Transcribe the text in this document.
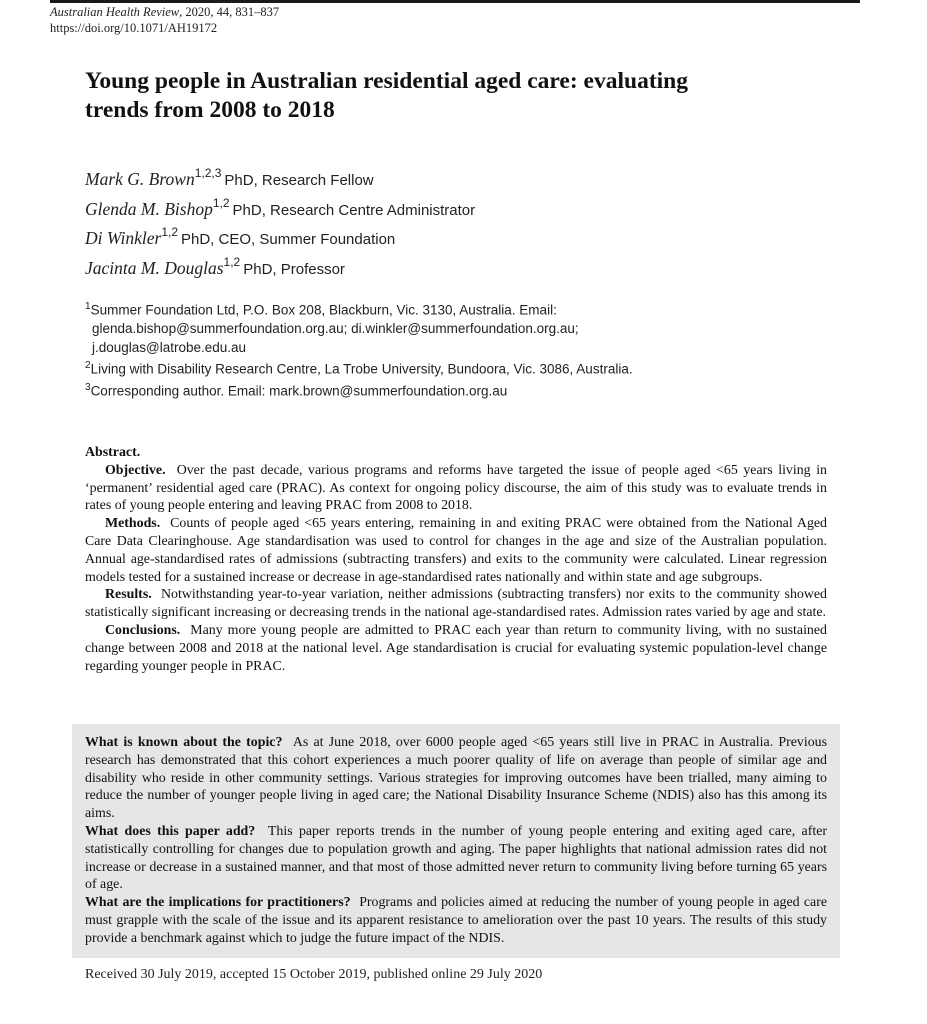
Australian Health Review, 2020, 44, 831–837
https://doi.org/10.1071/AH19172
Young people in Australian residential aged care: evaluating
trends from 2008 to 2018
Mark G. Brown$^{1,2,3}$ PhD, Research Fellow
Glenda M. Bishop$^{1,2}$ PhD, Research Centre Administrator
Di Winkler$^{1,2}$ PhD, CEO, Summer Foundation
Jacinta M. Douglas$^{1,2}$ PhD, Professor
$^1$Summer Foundation Ltd, P.O. Box 208, Blackburn, Vic. 3130, Australia. Email:
glenda.bishop@summerfoundation.org.au; di.winkler@summerfoundation.org.au;
j.douglas@latrobe.edu.au
$^2$Living with Disability Research Centre, La Trobe University, Bundoora, Vic. 3086, Australia.
$^3$Corresponding author. Email: mark.brown@summerfoundation.org.au

Abstract.

Objective. Over the past decade, various programs and reforms have targeted the issue of people aged <65 years living in ‘permanent’ residential aged care (PRAC). As context for ongoing policy discourse, the aim of this study was to evaluate trends in rates of young people entering and leaving PRAC from 2008 to 2018.

Methods. Counts of people aged <65 years entering, remaining in and exiting PRAC were obtained from the National Aged Care Data Clearinghouse. Age standardisation was used to control for changes in the age and size of the Australian population. Annual age-standardised rates of admissions (subtracting transfers) and exits to the community were calculated. Linear regression models tested for a sustained increase or decrease in age-standardised rates nationally and within state and age subgroups.

Results. Notwithstanding year-to-year variation, neither admissions (subtracting transfers) nor exits to the community showed statistically significant increasing or decreasing trends in the national age-standardised rates. Admission rates varied by age and state.

Conclusions. Many more young people are admitted to PRAC each year than return to community living, with no sustained change between 2008 and 2018 at the national level. Age standardisation is crucial for evaluating systemic population-level change regarding younger people in PRAC.

What is known about the topic? As at June 2018, over 6000 people aged <65 years still live in PRAC in Australia. Previous research has demonstrated that this cohort experiences a much poorer quality of life on average than people of similar age and disability who reside in other community settings. Various strategies for improving outcomes have been trialled, many aiming to reduce the number of younger people living in aged care; the National Disability Insurance Scheme (NDIS) also has this among its aims.

What does this paper add? This paper reports trends in the number of young people entering and exiting aged care, after statistically controlling for changes due to population growth and aging. The paper highlights that national admission rates did not increase or decrease in a sustained manner, and that most of those admitted never return to community living before turning 65 years of age.

What are the implications for practitioners? Programs and policies aimed at reducing the number of young people in aged care must grapple with the scale of the issue and its apparent resistance to amelioration over the past 10 years. The results of this study provide a benchmark against which to judge the future impact of the NDIS.

Received 30 July 2019, accepted 15 October 2019, published online 29 July 2020
